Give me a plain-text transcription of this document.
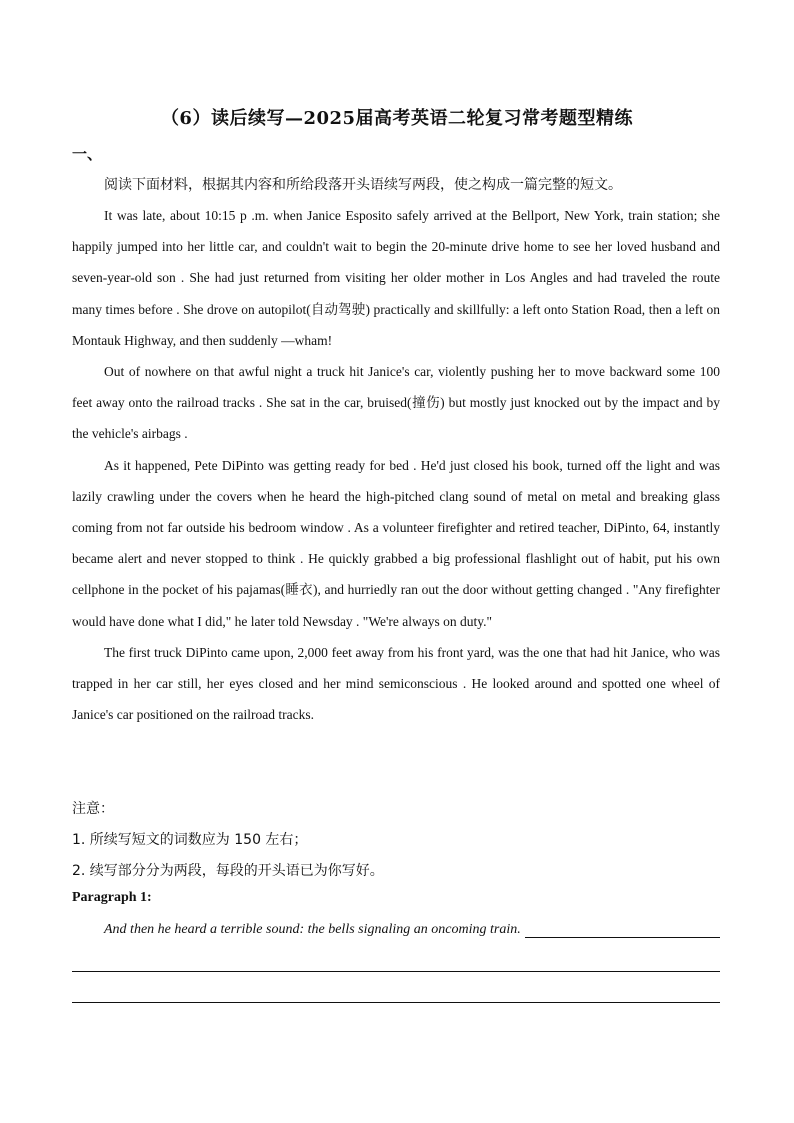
（6）读后续写—2025届高考英语二轮复习常考题型精练
一、
阅读下面材料，根据其内容和所给段落开头语续写两段，使之构成一篇完整的短文。

It was late, about 10:15 p .m. when Janice Esposito safely arrived at the Bellport, New York, train station; she happily jumped into her little car, and couldn't wait to begin the 20-minute drive home to see her loved husband and seven-year-old son . She had just returned from visiting her older mother in Los Angles and had traveled the route many times before . She drove on autopilot(自动驾驶) practically and skillfully: a left onto Station Road, then a left on Montauk Highway, and then suddenly —wham!

Out of nowhere on that awful night a truck hit Janice's car, violently pushing her to move backward some 100 feet away onto the railroad tracks . She sat in the car, bruised(撞伤) but mostly just knocked out by the impact and by the vehicle's airbags .

As it happened, Pete DiPinto was getting ready for bed . He'd just closed his book, turned off the light and was lazily crawling under the covers when he heard the high-pitched clang sound of metal on metal and breaking glass coming from not far outside his bedroom window . As a volunteer firefighter and retired teacher, DiPinto, 64, instantly became alert and never stopped to think . He quickly grabbed a big professional flashlight out of habit, put his own cellphone in the pocket of his pajamas(睡衣), and hurriedly ran out the door without getting changed . "Any firefighter would have done what I did," he later told Newsday . "We're always on duty."

The first truck DiPinto came upon, 2,000 feet away from his front yard, was the one that had hit Janice, who was trapped in her car still, her eyes closed and her mind semiconscious . He looked around and spotted one wheel of Janice's car positioned on the railroad tracks.

注意：
1. 所续写短文的词数应为 150 左右；
2. 续写部分分为两段，每段的开头语已为你写好。
Paragraph 1:
And then he heard a terrible sound: the bells signaling an oncoming train.
